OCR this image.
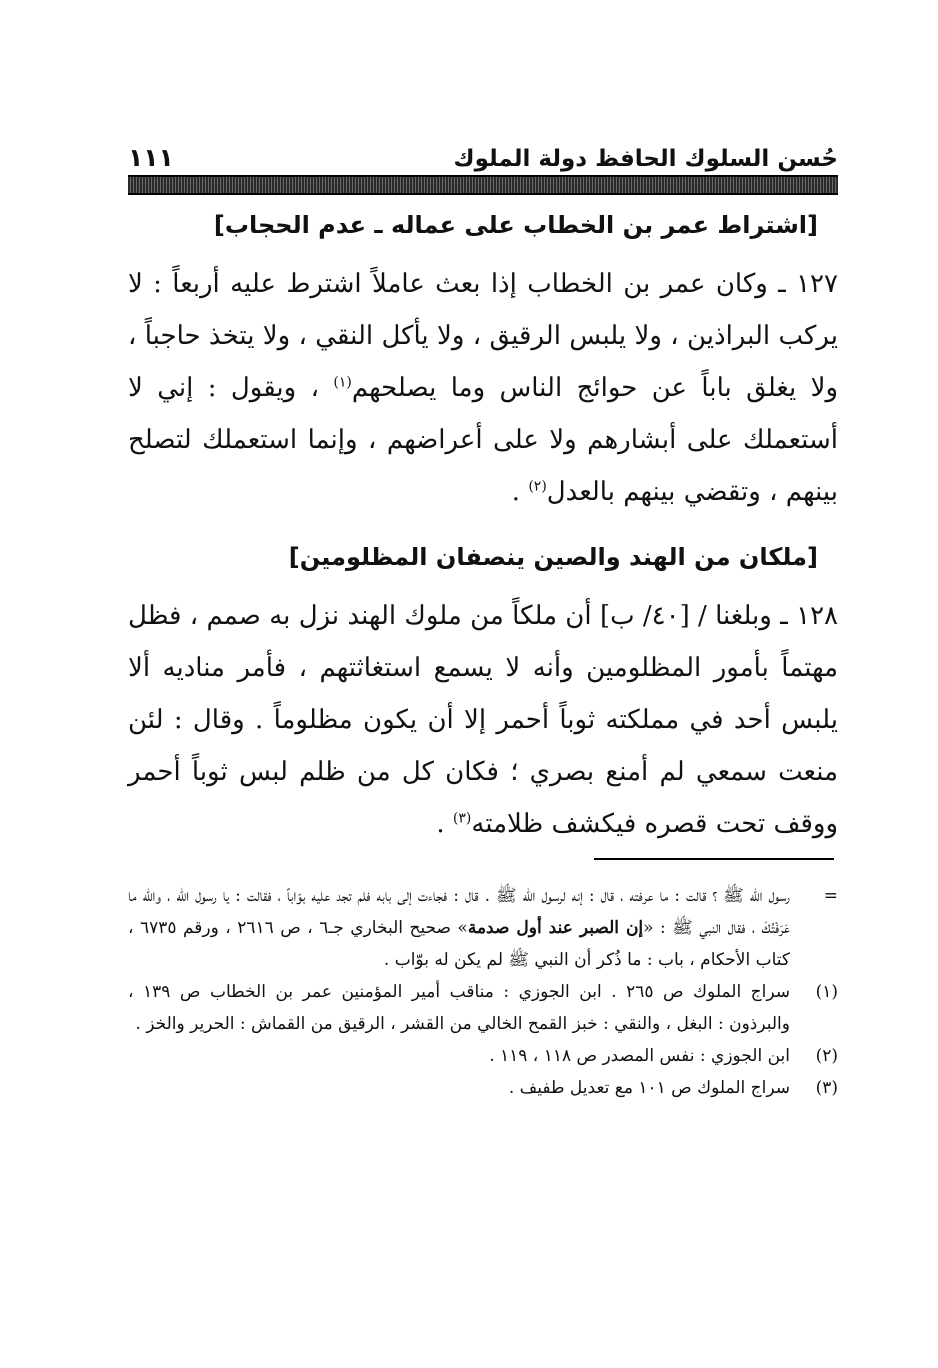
حُسن السلوك الحافظ دولة الملوك
١١١
[اشتراط عمر بن الخطاب على عماله ـ عدم الحجاب]

١٢٧ ـ وكان عمر بن الخطاب إذا بعث عاملاً اشترط عليه أربعاً : لا يركب البراذين ، ولا يلبس الرقيق ، ولا يأكل النقي ، ولا يتخذ حاجباً ، ولا يغلق باباً عن حوائج الناس وما يصلحهم$^{(١)}$ ، ويقول : إني لا أستعملك على أبشارهم ولا على أعراضهم ، وإنما استعملك لتصلح بينهم ، وتقضي بينهم بالعدل$^{(٢)}$ .

[ملكان من الهند والصين ينصفان المظلومين]

١٢٨ ـ وبلغنا / [٤٠/ ب] أن ملكاً من ملوك الهند نزل به صمم ، فظل مهتماً بأمور المظلومين وأنه لا يسمع استغاثتهم ، فأمر مناديه ألا يلبس أحد في مملكته ثوباً أحمر إلا أن يكون مظلوماً . وقال : لئن منعت سمعي لم أمنع بصري ؛ فكان كل من ظلم لبس ثوباً أحمر ووقف تحت قصره فيكشف ظلامته$^{(٣)}$ .

=
رسول الله ﷺ ؟ قالت : ما عرفته ، قال : إنه لرسول الله ﷺ . قال : فجاءت إلى بابه فلم تجد عليه بوّاباً ، فقالت : يا رسول الله ، والله ما عَرَفْتُكَ ، فقال النبي ﷺ : «إن الصبر عند أول صدمة» صحيح البخاري جـ٦ ، ص ٢٦١٦ ، ورقم ٦٧٣٥ ، كتاب الأحكام ، باب : ما ذُكر أن النبي ﷺ لم يكن له بوّاب .
(١)
سراج الملوك ص ٢٦٥ . ابن الجوزي : مناقب أمير المؤمنين عمر بن الخطاب ص ١٣٩ ، والبرذون : البغل ، والنقي : خبز القمح الخالي من القشر ، الرقيق من القماش : الحرير والخز .
(٢)
ابن الجوزي : نفس المصدر ص ١١٨ ، ١١٩ .
(٣)
سراج الملوك ص ١٠١ مع تعديل طفيف .
